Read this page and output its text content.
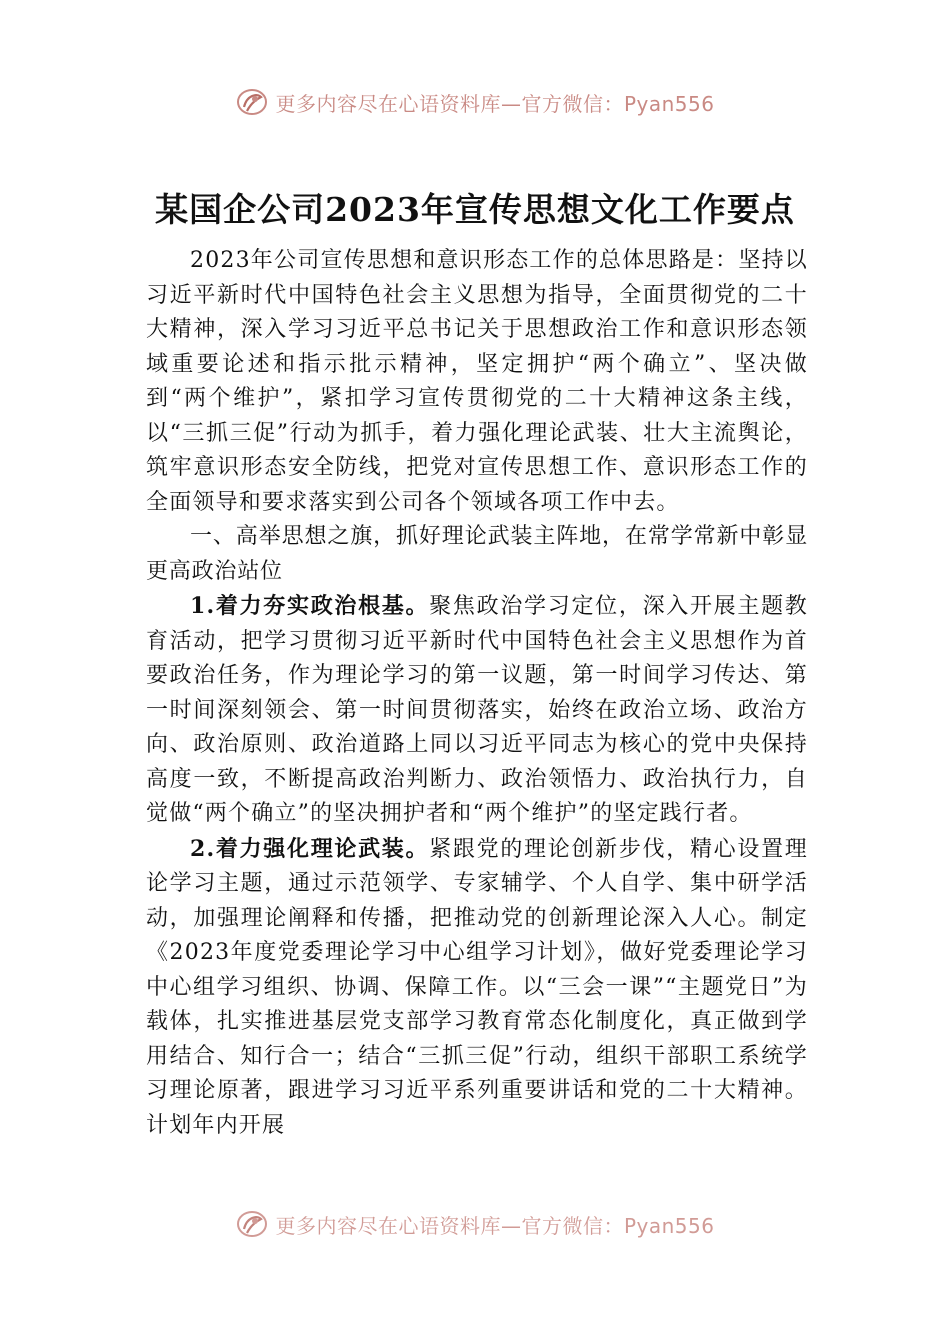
更多内容尽在心语资料库—官方微信：Pyan556
某国企公司2023年宣传思想文化工作要点

2023年公司宣传思想和意识形态工作的总体思路是：坚持以习近平新时代中国特色社会主义思想为指导，全面贯彻党的二十大精神，深入学习习近平总书记关于思想政治工作和意识形态领域重要论述和指示批示精神，坚定拥护“两个确立”、坚决做到“两个维护”，紧扣学习宣传贯彻党的二十大精神这条主线，以“三抓三促”行动为抓手，着力强化理论武装、壮大主流舆论，筑牢意识形态安全防线，把党对宣传思想工作、意识形态工作的全面领导和要求落实到公司各个领域各项工作中去。

一、高举思想之旗，抓好理论武装主阵地，在常学常新中彰显更高政治站位

1.着力夯实政治根基。聚焦政治学习定位，深入开展主题教育活动，把学习贯彻习近平新时代中国特色社会主义思想作为首要政治任务，作为理论学习的第一议题，第一时间学习传达、第一时间深刻领会、第一时间贯彻落实，始终在政治立场、政治方向、政治原则、政治道路上同以习近平同志为核心的党中央保持高度一致，不断提高政治判断力、政治领悟力、政治执行力，自觉做“两个确立”的坚决拥护者和“两个维护”的坚定践行者。

2.着力强化理论武装。紧跟党的理论创新步伐，精心设置理论学习主题，通过示范领学、专家辅学、个人自学、集中研学活动，加强理论阐释和传播，把推动党的创新理论深入人心。制定《2023年度党委理论学习中心组学习计划》，做好党委理论学习中心组学习组织、协调、保障工作。以“三会一课”“主题党日”为载体，扎实推进基层党支部学习教育常态化制度化，真正做到学用结合、知行合一；结合“三抓三促”行动，组织干部职工系统学习理论原著，跟进学习习近平系列重要讲话和党的二十大精神。计划年内开展

更多内容尽在心语资料库—官方微信：Pyan556
